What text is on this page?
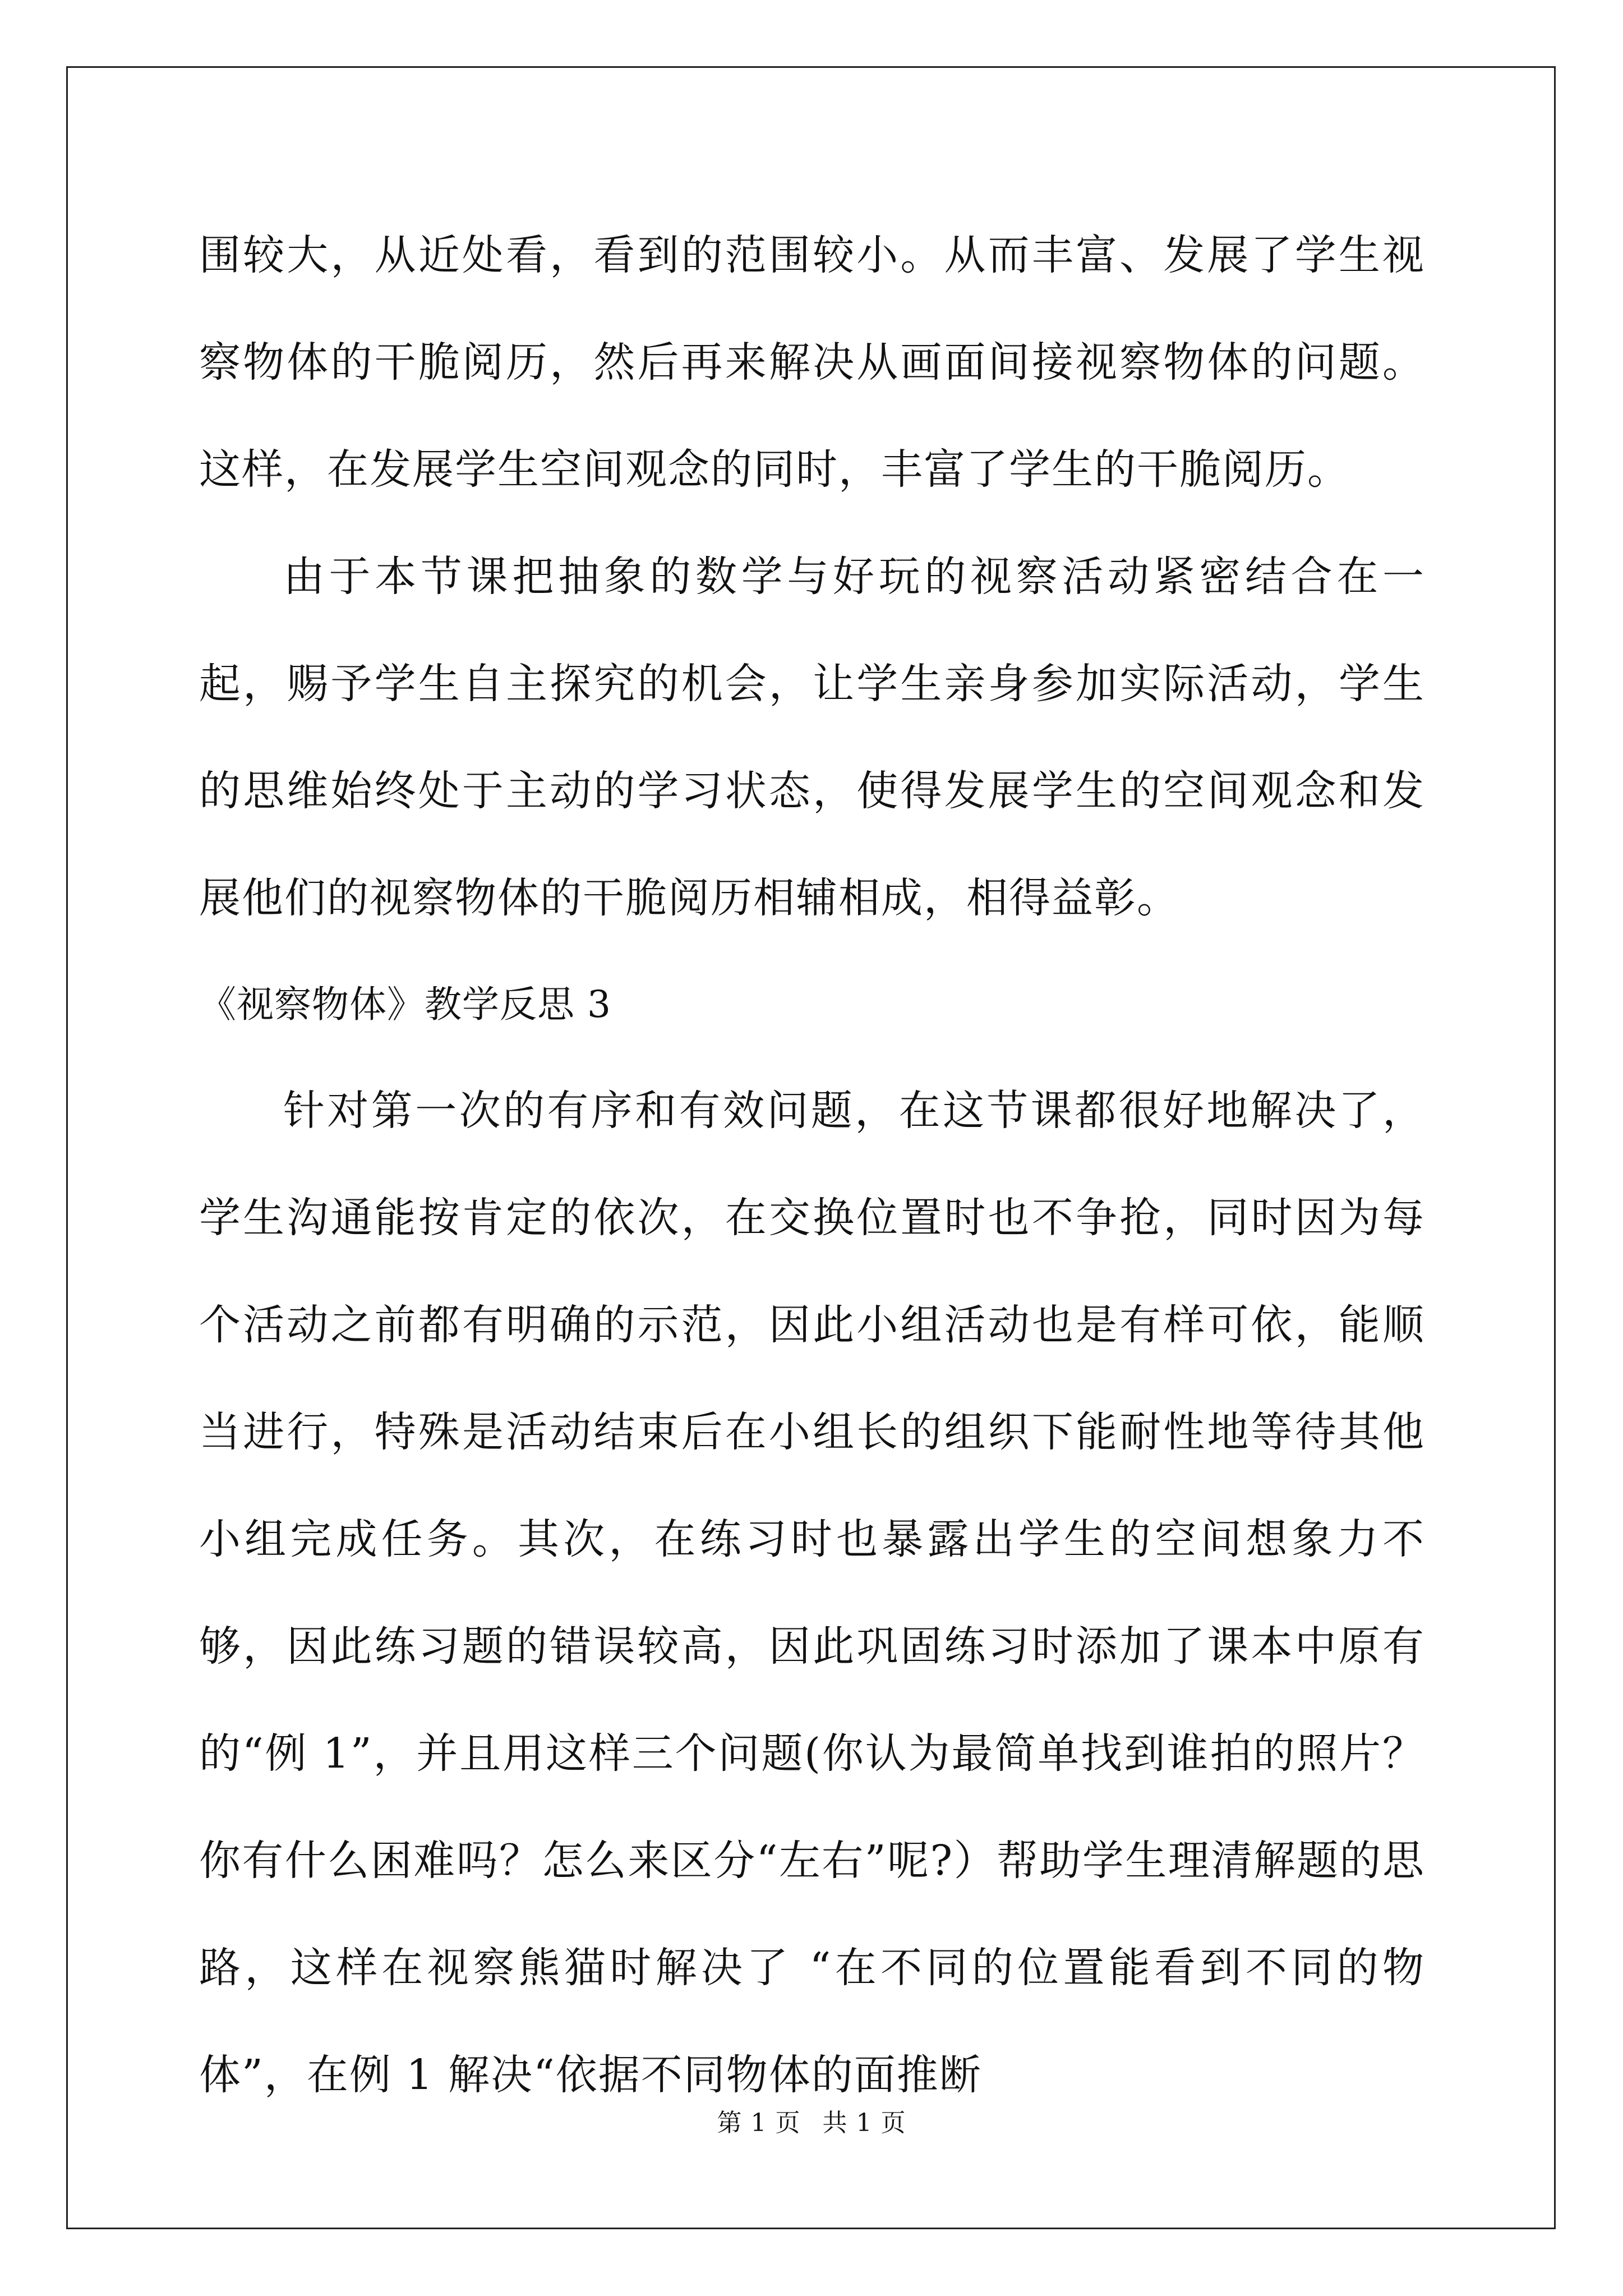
围较大，从近处看，看到的范围较小。从而丰富、发展了学生视察物体的干脆阅历，然后再来解决从画面间接视察物体的问题。这样，在发展学生空间观念的同时，丰富了学生的干脆阅历。

由于本节课把抽象的数学与好玩的视察活动紧密结合在一起，赐予学生自主探究的机会，让学生亲身参加实际活动，学生的思维始终处于主动的学习状态，使得发展学生的空间观念和发展他们的视察物体的干脆阅历相辅相成，相得益彰。

《视察物体》教学反思 3

针对第一次的有序和有效问题，在这节课都很好地解决了，学生沟通能按肯定的依次，在交换位置时也不争抢，同时因为每个活动之前都有明确的示范，因此小组活动也是有样可依，能顺当进行，特殊是活动结束后在小组长的组织下能耐性地等待其他小组完成任务。其次，在练习时也暴露出学生的空间想象力不够，因此练习题的错误较高，因此巩固练习时添加了课本中原有的“例 1”，并且用这样三个问题(你认为最简单找到谁拍的照片？你有什么困难吗？怎么来区分“左右”呢?）帮助学生理清解题的思路，这样在视察熊猫时解决了 “在不同的位置能看到不同的物体”，在例 1 解决“依据不同物体的面推断

第 1 页 共 1 页
